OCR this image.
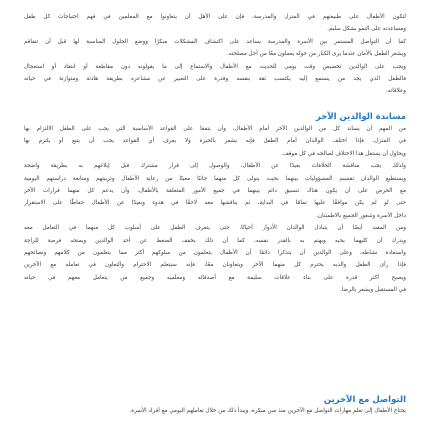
لتكون الأطفال على طبيعتهم في المنزل والمدرسة، فإن على الأهل أن يتعاونوا مع المعلمين في فهم احتياجات كل طفل
ومساعدته على النمو بشكل سليم.
كما أن التواصل المستمر بين الأسرة والمدرسة يساعد على اكتشاف المشكلات مبكرًا ووضع الحلول المناسبة لها قبل أن تتفاقم
ويشعر الطفل بالأمان عندما يرى الكبار من حوله يعملون معًا من أجل مصلحته.
ويجب على الوالدين تخصيص وقت يومي للحديث مع الأطفال والاستماع إلى ما يقولونه دون مقاطعة أو انتقاد أو استعجال
فالطفل الذي يجد من يستمع إليه يكتسب ثقة بنفسه وقدرة على التعبير عن مشاعره بطريقة هادئة ومتوازنة في حياته
وعلاقاته.
مساندة الوالدين الآخر
من المهم أن يساند كل من الوالدين الآخر أمام الأطفال، وأن يتفقا على القواعد الأساسية التي يجب على الطفل الالتزام بها
في المنزل، فإذا اختلف الوالدان أمام الطفل فإنه يشعر بالحيرة ولا يعرف أي القواعد يجب أن يتبع أو يلتزم بها
ويحاول أن يستغل هذا الاختلاف لصالحه في كل موقف.
ولذلك يجب مناقشة الخلافات بعيدًا عن الأطفال، والوصول إلى قرار مشترك قبل إبلاغهم به بطريقة واضحة
ويستطيع الوالدان تقسيم المسؤوليات بينهما بحيث يتولى كل منهما جانبًا معينًا من رعاية الأطفال وتربيتهم ومتابعة دراستهم اليومية
مع الحرص على أن يكون هناك تنسيق دائم بينهما في جميع الأمور المتعلقة بالأطفال، وأن يدعم كل منهما قرارات الآخر
حتى لو لم يكن موافقًا عليها تمامًا في البداية، ثم يناقشها معه لاحقًا في هدوء وبعيدًا عن الأطفال حفاظًا على الاستقرار
داخل الأسرة وشعور الجميع بالاطمئنان.
ومن المفيد أيضًا أن يتبادل الوالدان الأدوار أحيانًا، حتى يتعرف الطفل على أسلوب كل منهما في التعامل معه
ويدرك أن كليهما يحبه ويهتم به بالقدر نفسه، كما أن ذلك يخفف الضغط عن أحد الوالدين ويمنحه فرصة للراحة
واستعادة نشاطه، وعلى الوالدين أن يتذكرا دائمًا أن الأطفال يتعلمون من سلوكهم أكثر مما يتعلمون من كلامهم ونصائحهم
فإذا رأى الطفل والديه يحترم كل منهما الآخر ويتعاونان معًا، فإنه سيتعلم الاحترام والتعاون في تعامله مع الآخرين
ويصبح أكثر قدرة على بناء علاقات سليمة مع أصدقائه ومعلميه وجميع من يتعامل معهم في حياته
في المستقبل ويشعر بالرضا.
التواصل مع الآخرين
يحتاج الأطفال إلى تعلم مهارات التواصل مع الآخرين منذ سن مبكرة، ويبدأ ذلك من خلال تعاملهم اليومي مع أفراد الأسرة.
